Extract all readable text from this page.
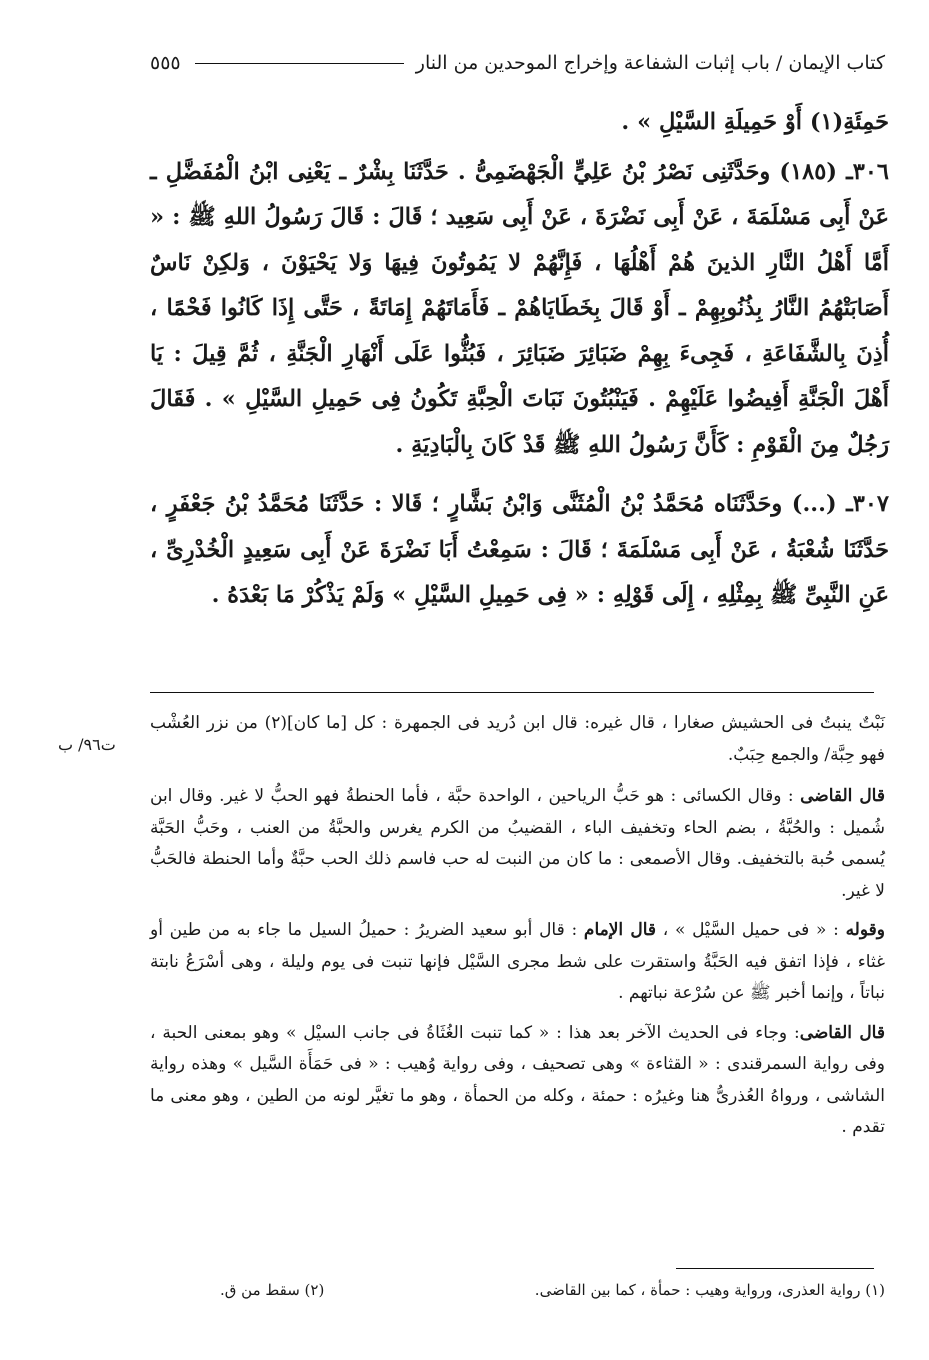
كتاب الإيمان / باب إثبات الشفاعة وإخراج الموحدين من النار
٥٥٥

حَمِئَةِ(١) أَوْ حَمِيلَةِ السَّيْلِ » .

٣٠٦ـ (١٨٥) وحَدَّثَنِى نَصْرُ بْنُ عَلِيٍّ الْجَهْضَمِىُّ . حَدَّثَنَا بِشْرٌ ـ يَعْنِى ابْنُ الْمُفَضَّلِ ـ عَنْ أَبِى مَسْلَمَةَ ، عَنْ أَبِى نَضْرَةَ ، عَنْ أَبِى سَعِيد ؛ قَالَ : قَالَ رَسُولُ اللهِ ﷺ : « أَمَّا أَهْلُ النَّارِ الذينَ هُمْ أَهْلُهَا ، فَإِنَّهُمْ لا يَمُوتُونَ فِيهَا وَلا يَحْيَوْنَ ، وَلكِنْ نَاسٌ أَصَابَتْهُمُ النَّارُ بِذُنُوبِهِمْ ـ أَوْ قَالَ بِخَطَايَاهُمْ ـ فَأَمَاتَهُمْ إِمَاتَةً ، حَتَّى إِذَا كَانُوا فَحْمًا ، أُذِنَ بِالشَّفَاعَةِ ، فَجِىءَ بِهِمْ ضَبَائِرَ ضَبَائِرَ ، فَبُثُّوا عَلَى أَنْهَارِ الْجَنَّةِ ، ثُمَّ قِيلَ : يَا أَهْلَ الْجَنَّةِ أَفِيضُوا عَلَيْهِمْ . فَيَنْبُتُونَ نَبَاتَ الْحِبَّةِ تَكُونُ فِى حَمِيلِ السَّيْلِ » . فَقَالَ رَجُلٌ مِنَ الْقَوْمِ : كَأَنَّ رَسُولُ اللهِ ﷺ قَدْ كَانَ بِالْبَادِيَةِ .

٣٠٧ـ (...) وحَدَّثَنَاه مُحَمَّدُ بْنُ الْمُثَنَّى وَابْنُ بَشَّارٍ ؛ قَالا : حَدَّثَنَا مُحَمَّدُ بْنُ جَعْفَرٍ ، حَدَّثَنَا شُعْبَةُ ، عَنْ أَبِى مَسْلَمَةَ ؛ قَالَ : سَمِعْتُ أَبَا نَضْرَةَ عَنْ أَبِى سَعِيدٍ الْخُدْرِىِّ ، عَنِ النَّبِىِّ ﷺ بِمِثْلِهِ ، إِلَى قَوْلِهِ : « فِى حَمِيلِ السَّيْلِ » وَلَمْ يَذْكُرْ مَا بَعْدَهُ .

ت٩٦/ ب

نَبْتٌ ينبتُ فى الحشيش صغارا ، قال غيره: قال ابن دُريد فى الجمهرة : كل [ما كان](٢) من نزر العُشْب فهو حِبَّة/ والجمع حِبَبٌ.

قال القاضى : وقال الكسائى : هو حَبُّ الرياحين ، الواحدة حبَّة ، فأما الحنطةُ فهو الحبُّ لا غير. وقال ابن شُميل : والحُبَّةُ ، بضم الحاء وتخفيف الباء ، القضيبُ من الكرم يغرس والحبَّةُ من العنب ، وحَبُّ الحَبَّة يُسمى حُبة بالتخفيف. وقال الأصمعى : ما كان من النبت له حب فاسم ذلك الحب حبَّةٌ وأما الحنطة فالحَبُّ لا غير.

وقوله : « فى حميل السَّيْل » ، قال الإمام : قال أبو سعيد الضريرُ : حميلُ السيل ما جاء به من طين أو غثاء ، فإذا اتفق فيه الحَبَّةُ واستقرت على شط مجرى السَّيْل فإنها تنبت فى يوم وليلة ، وهى أسْرَعُ نابتة نباتاً ، وإنما أخبر ﷺ عن سُرْعة نباتهم .

قال القاضى: وجاء فى الحديث الآخر بعد هذا : « كما تنبت الغُثَاةُ فى جانب السيْل » وهو بمعنى الحبة ، وفى رواية السمرقندى : « القثاءة » وهى تصحيف ، وفى رواية وُهيب : « فى حَمَأَة السَّيل » وهذه رواية الشاشى ، ورواهُ العُذرىُّ هنا وغيرُه : حمئة ، وكله من الحمأة ، وهو ما تغيَّر لونه من الطين ، وهو معنى ما تقدم .

(١) رواية العذرى، ورواية وهيب : حمأة ، كما بين القاضى.
(٢) سقط من ق.
